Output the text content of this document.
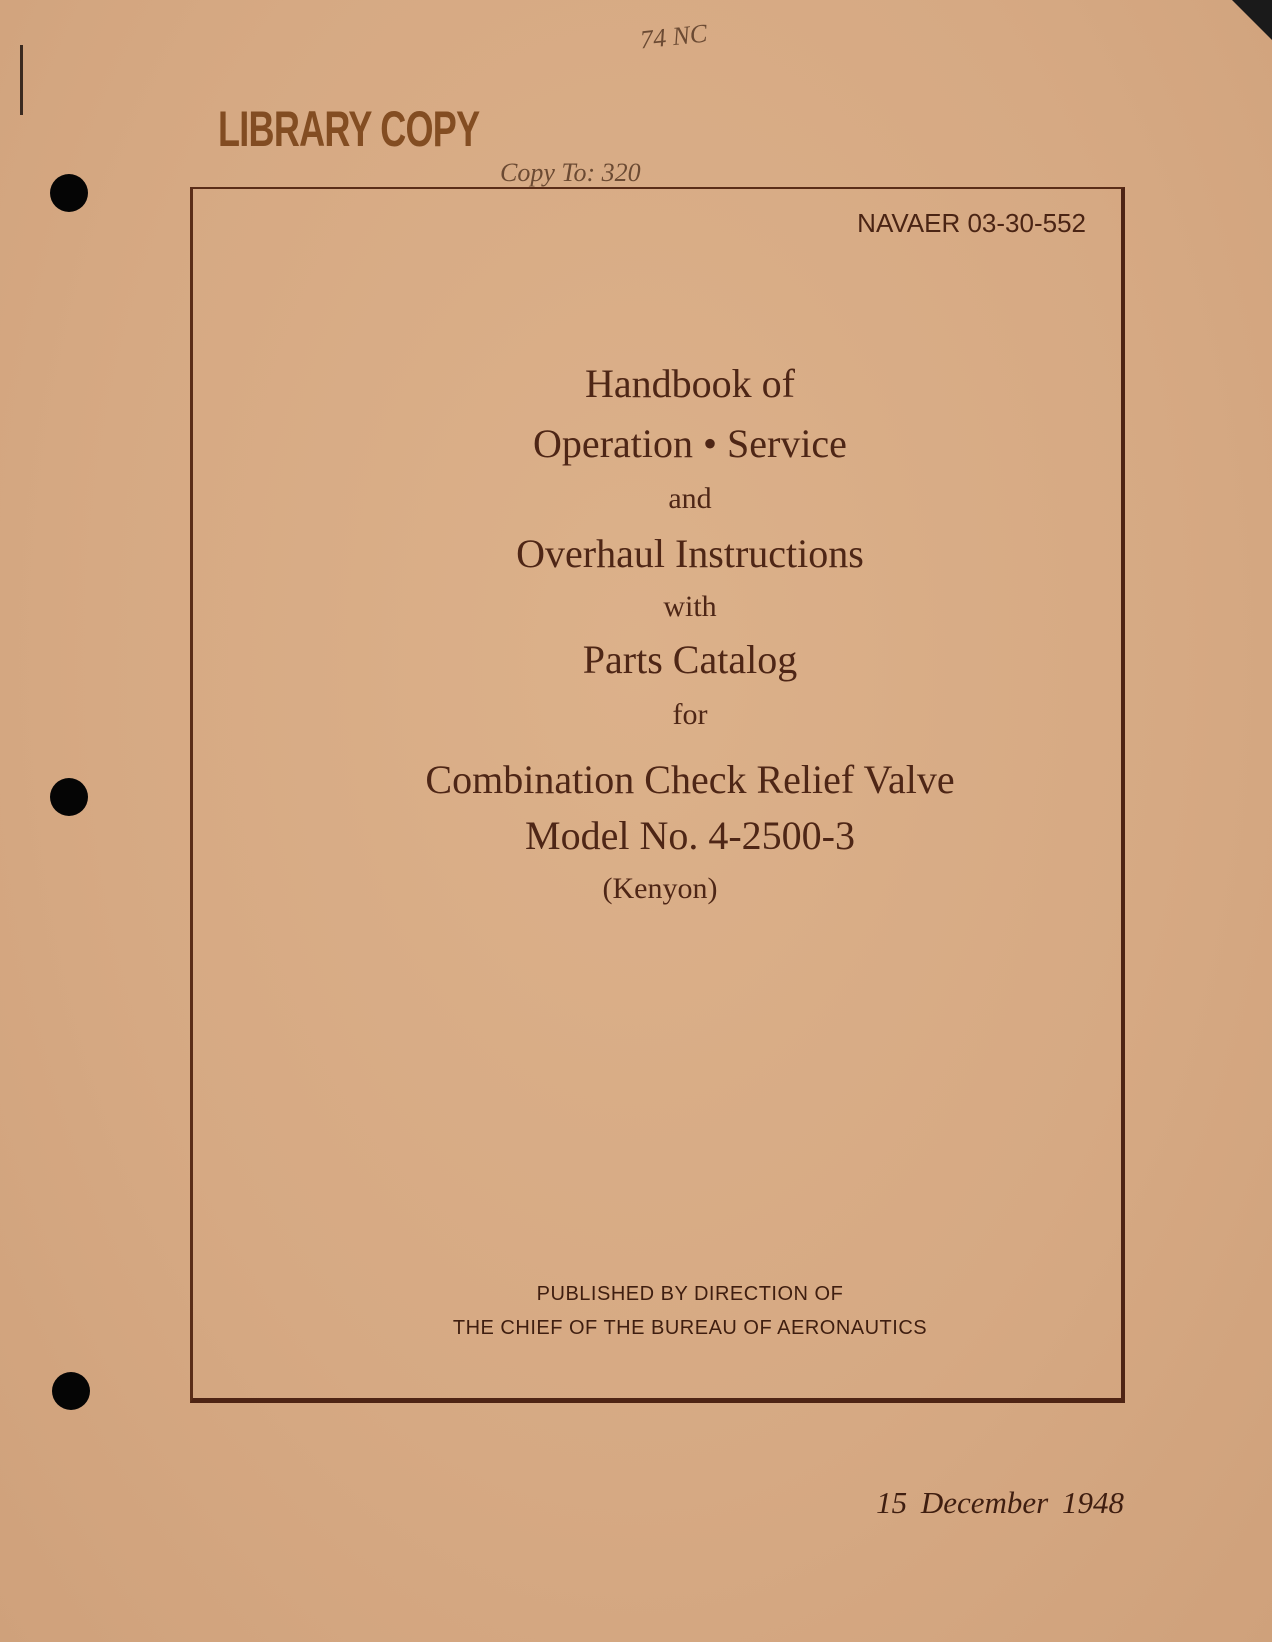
74 NC
LIBRARY COPY
Copy To: 320
NAVAER 03-30-552
Handbook of
Operation • Service
and
Overhaul Instructions
with
Parts Catalog
for
Combination Check Relief Valve
Model No. 4-2500-3
(Kenyon)
PUBLISHED BY DIRECTION OF
THE CHIEF OF THE BUREAU OF AERONAUTICS
15 December 1948
